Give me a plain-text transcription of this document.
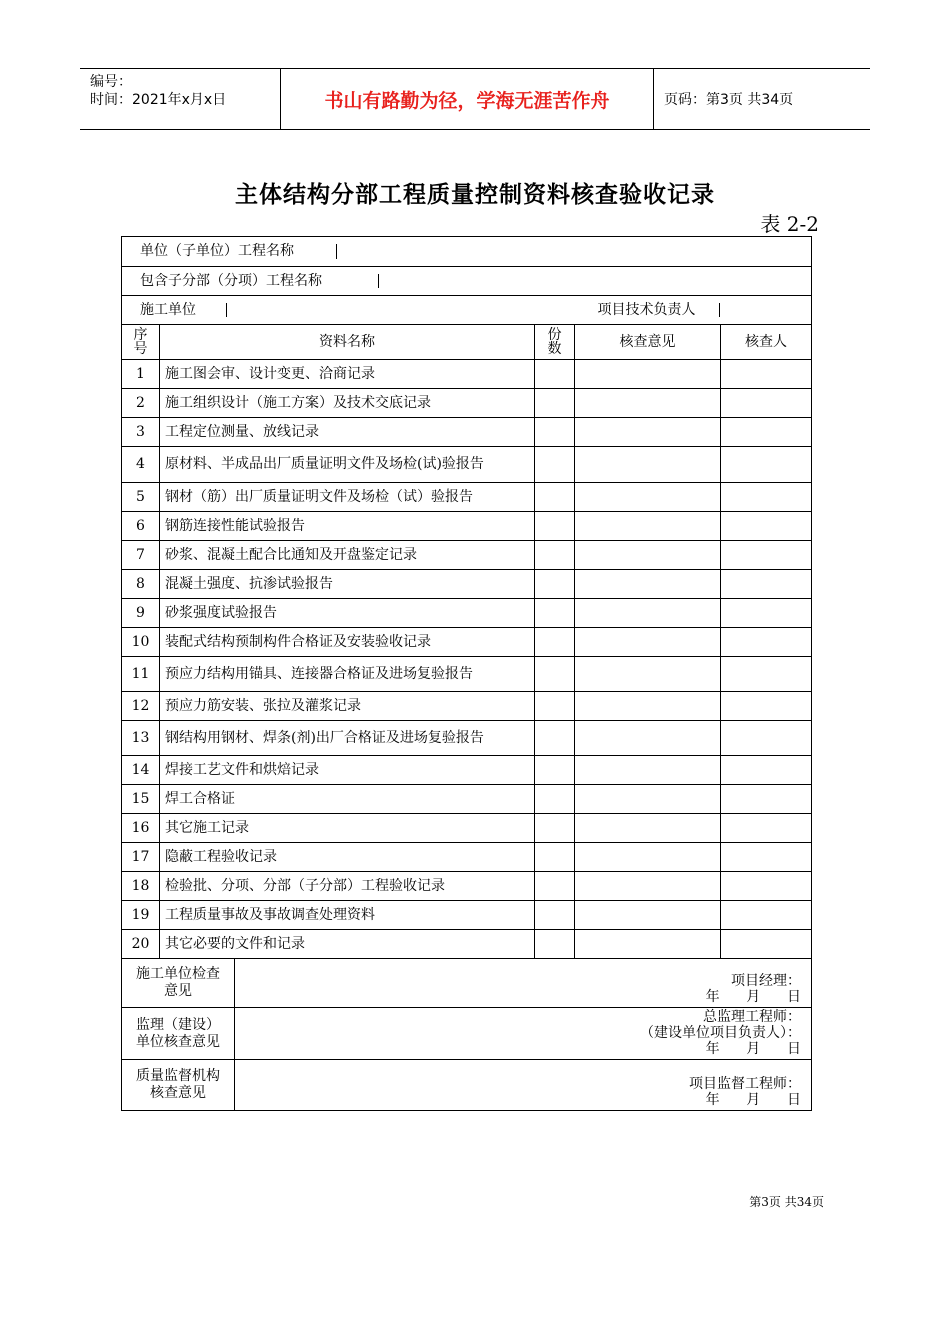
编号：
时间：2021年x月x日	书山有路勤为径，学海无涯苦作舟	页码：第3页 共34页
主体结构分部工程质量控制资料核查验收记录
表 2-2
单位（子单位）工程名称					

包含子分部（分项）工程名称					

施工单位 项目技术负责人					

序号	资料名称		份数	核查意见	核查人
1	施工图会审、设计变更、洽商记录				
2	施工组织设计（施工方案）及技术交底记录				
3	工程定位测量、放线记录				
4	原材料、半成品出厂质量证明文件及场检(试)验报告				
5	钢材（筋）出厂质量证明文件及场检（试）验报告				
6	钢筋连接性能试验报告				
7	砂浆、混凝土配合比通知及开盘鉴定记录				
8	混凝土强度、抗渗试验报告				
9	砂浆强度试验报告				
10	装配式结构预制构件合格证及安装验收记录				
11	预应力结构用锚具、连接器合格证及进场复验报告				
12	预应力筋安装、张拉及灌浆记录				
13	钢结构用钢材、焊条(剂)出厂合格证及进场复验报告				
14	焊接工艺文件和烘焙记录				
15	焊工合格证				
16	其它施工记录				
17	隐蔽工程验收记录				
18	检验批、分项、分部（子分部）工程验收记录				
19	工程质量事故及事故调查处理资料				
20	其它必要的文件和记录				

施工单位检查意见		项目经理：
年      月      日			

监理（建设）单位核查意见		总监理工程师：
（建设单位项目负责人）：
年      月      日			

质量监督机构核查意见		项目监督工程师：
年      月      日			
第3页 共34页
